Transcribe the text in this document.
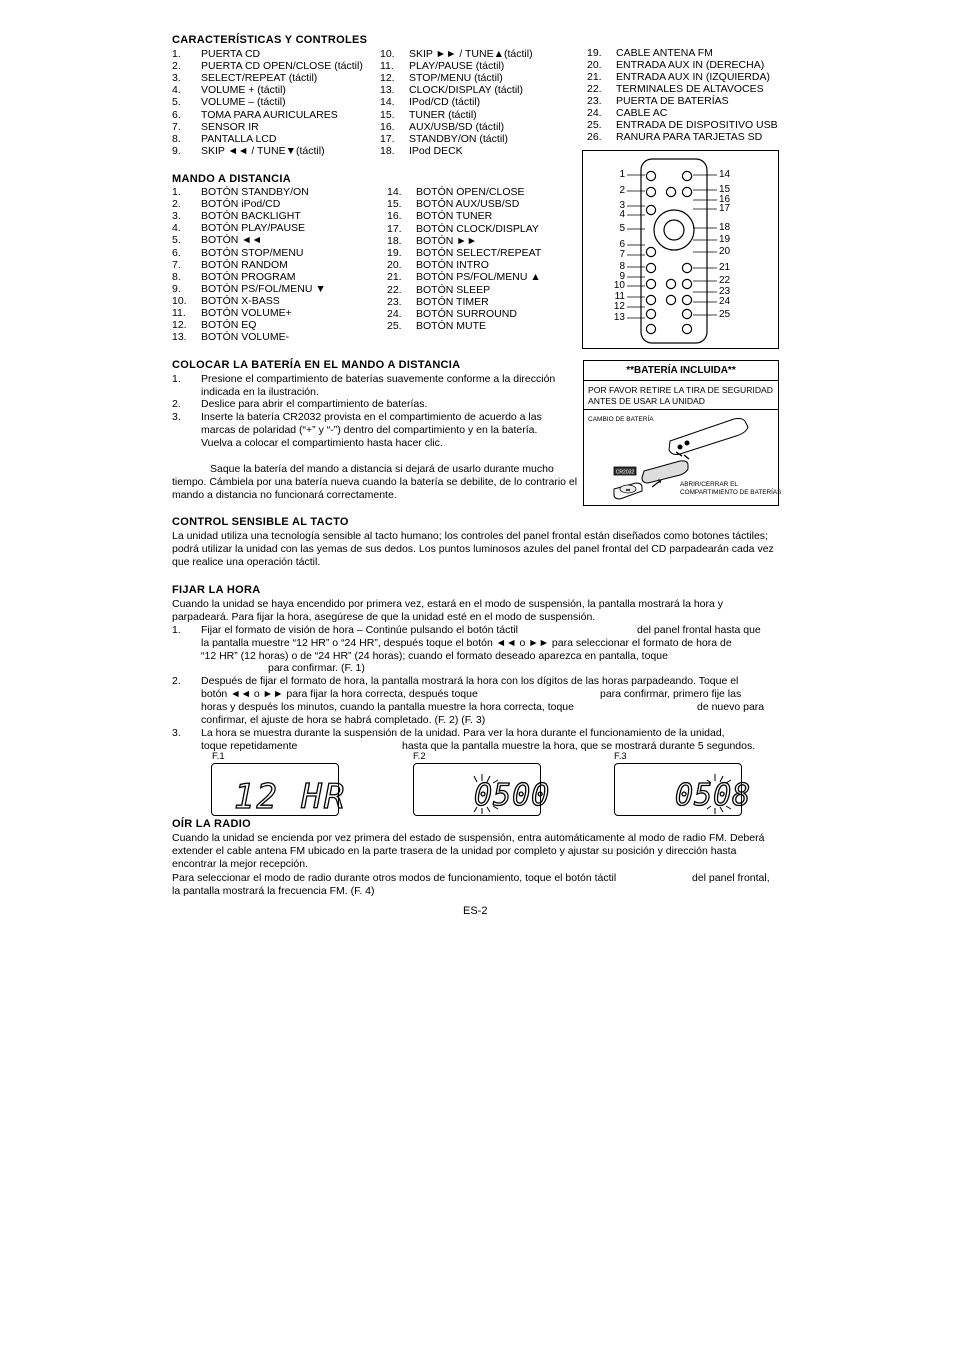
CARACTERÍSTICAS Y CONTROLES
1. PUERTA CD
2. PUERTA CD OPEN/CLOSE (táctil)
3. SELECT/REPEAT (táctil)
4. VOLUME + (táctil)
5. VOLUME – (táctil)
6. TOMA PARA AURICULARES
7. SENSOR IR
8. PANTALLA LCD
9. SKIP ◄◄ / TUNE▼(táctil)
10. SKIP ►► / TUNE▲(táctil)
11. PLAY/PAUSE (táctil)
12. STOP/MENU (táctil)
13. CLOCK/DISPLAY (táctil)
14. IPod/CD (táctil)
15. TUNER (táctil)
16. AUX/USB/SD (táctil)
17. STANDBY/ON (táctil)
18. IPod DECK
19. CABLE ANTENA FM
20. ENTRADA AUX IN (DERECHA)
21. ENTRADA AUX IN (IZQUIERDA)
22. TERMINALES DE ALTAVOCES
23. PUERTA DE BATERÍAS
24. CABLE AC
25. ENTRADA DE DISPOSITIVO USB
26. RANURA PARA TARJETAS SD
MANDO A DISTANCIA
1. BOTÓN STANDBY/ON
2. BOTÓN iPod/CD
3. BOTÓN BACKLIGHT
4. BOTÓN PLAY/PAUSE
5. BOTÓN ◄◄
6. BOTÓN STOP/MENU
7. BOTÓN RANDOM
8. BOTÓN PROGRAM
9. BOTÓN PS/FOL/MENU ▼
10. BOTÓN X-BASS
11. BOTÓN VOLUME+
12. BOTÓN EQ
13. BOTÓN VOLUME-
14. BOTÓN OPEN/CLOSE
15. BOTÓN AUX/USB/SD
16. BOTÓN TUNER
17. BOTÓN CLOCK/DISPLAY
18. BOTÓN ►►
19. BOTÓN SELECT/REPEAT
20. BOTÓN INTRO
21. BOTÓN PS/FOL/MENU ▲
22. BOTÓN SLEEP
23. BOTÓN TIMER
24. BOTÓN SURROUND
25. BOTÓN MUTE
1
2
3
4
5
6
7
8
9
10
11
12
13
14
15
16
17
18
19
20
21
22
23
24
25
COLOCAR LA BATERÍA EN EL MANDO A DISTANCIA
1. Presione el compartimiento de baterías suavemente conforme a la dirección indicada en la ilustración.
2. Deslice para abrir el compartimiento de baterías.
3. Inserte la batería CR2032 provista en el compartimiento de acuerdo a las marcas de polaridad (“+” y “-”) dentro del compartimiento y en la batería. Vuelva a colocar el compartimiento hasta hacer clic.
Saque la batería del mando a distancia si dejará de usarlo durante mucho tiempo. Cámbiela por una batería nueva cuando la batería se debilite, de lo contrario el mando a distancia no funcionará correctamente.
**BATERÍA INCLUIDA**
POR FAVOR RETIRE LA TIRA DE SEGURIDAD
ANTES DE USAR LA UNIDAD
CAMBIO DE BATERÍA
CR2032
ABRIR/CERRAR EL
COMPARTIMIENTO DE BATERÍAS
CONTROL SENSIBLE AL TACTO
La unidad utiliza una tecnología sensible al tacto humano; los controles del panel frontal están diseñados como botones táctiles; podrá utilizar la unidad con las yemas de sus dedos. Los puntos luminosos azules del panel frontal del CD parpadearán cada vez que realice una operación táctil.
FIJAR LA HORA
Cuando la unidad se haya encendido por primera vez, estará en el modo de suspensión, la pantalla mostrará la hora y parpadeará. Para fijar la hora, asegúrese de que la unidad esté en el modo de suspensión.
1. Fijar el formato de visión de hora – Continúe pulsando el botón táctil	del panel frontal hasta que
la pantalla muestre “12 HR” o “24 HR”, después toque el botón ◄◄ o ►► para seleccionar el formato de hora de
“12 HR” (12 horas) o de “24 HR” (24 horas); cuando el formato deseado aparezca en pantalla, toque
para confirmar. (F. 1)
2. Después de fijar el formato de hora, la pantalla mostrará la hora con los dígitos de las horas parpadeando. Toque el
botón ◄◄ o ►► para fijar la hora correcta, después toque	para confirmar, primero fije las
horas y después los minutos, cuando la pantalla muestre la hora correcta, toque	de nuevo para
confirmar, el ajuste de hora se habrá completado. (F. 2) (F. 3)
3. La hora se muestra durante la suspensión de la unidad. Para ver la hora durante el funcionamiento de la unidad,
toque repetidamente	hasta que la pantalla muestre la hora, que se mostrará durante 5 segundos.
F.1
12 HR
F.2
0500
F.3
0508
OÍR LA RADIO
Cuando la unidad se encienda por vez primera del estado de suspensión, entra automáticamente al modo de radio FM. Deberá extender el cable antena FM ubicado en la parte trasera de la unidad por completo y ajustar su posición y dirección hasta encontrar la mejor recepción.
Para seleccionar el modo de radio durante otros modos de funcionamiento, toque el botón táctil	del panel frontal,
la pantalla mostrará la frecuencia FM. (F. 4)
ES-2
